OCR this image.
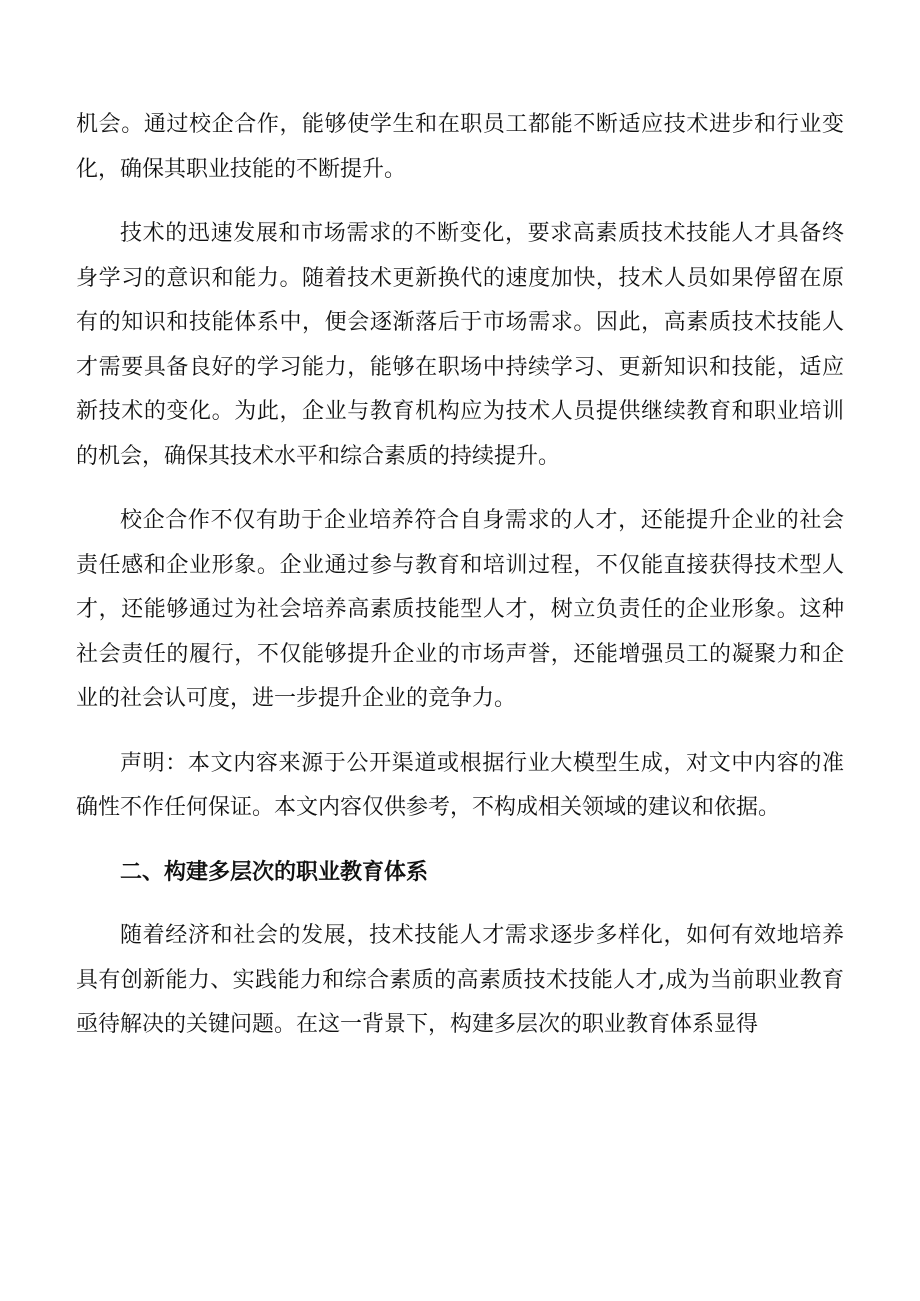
机会。通过校企合作，能够使学生和在职员工都能不断适应技术进步和行业变化，确保其职业技能的不断提升。

技术的迅速发展和市场需求的不断变化，要求高素质技术技能人才具备终身学习的意识和能力。随着技术更新换代的速度加快，技术人员如果停留在原有的知识和技能体系中，便会逐渐落后于市场需求。因此，高素质技术技能人才需要具备良好的学习能力，能够在职场中持续学习、更新知识和技能，适应新技术的变化。为此，企业与教育机构应为技术人员提供继续教育和职业培训的机会，确保其技术水平和综合素质的持续提升。

校企合作不仅有助于企业培养符合自身需求的人才，还能提升企业的社会责任感和企业形象。企业通过参与教育和培训过程，不仅能直接获得技术型人才，还能够通过为社会培养高素质技能型人才，树立负责任的企业形象。这种社会责任的履行，不仅能够提升企业的市场声誉，还能增强员工的凝聚力和企业的社会认可度，进一步提升企业的竞争力。

声明：本文内容来源于公开渠道或根据行业大模型生成，对文中内容的准确性不作任何保证。本文内容仅供参考，不构成相关领域的建议和依据。

二、构建多层次的职业教育体系

随着经济和社会的发展，技术技能人才需求逐步多样化，如何有效地培养具有创新能力、实践能力和综合素质的高素质技术技能人才,成为当前职业教育亟待解决的关键问题。在这一背景下，构建多层次的职业教育体系显得
